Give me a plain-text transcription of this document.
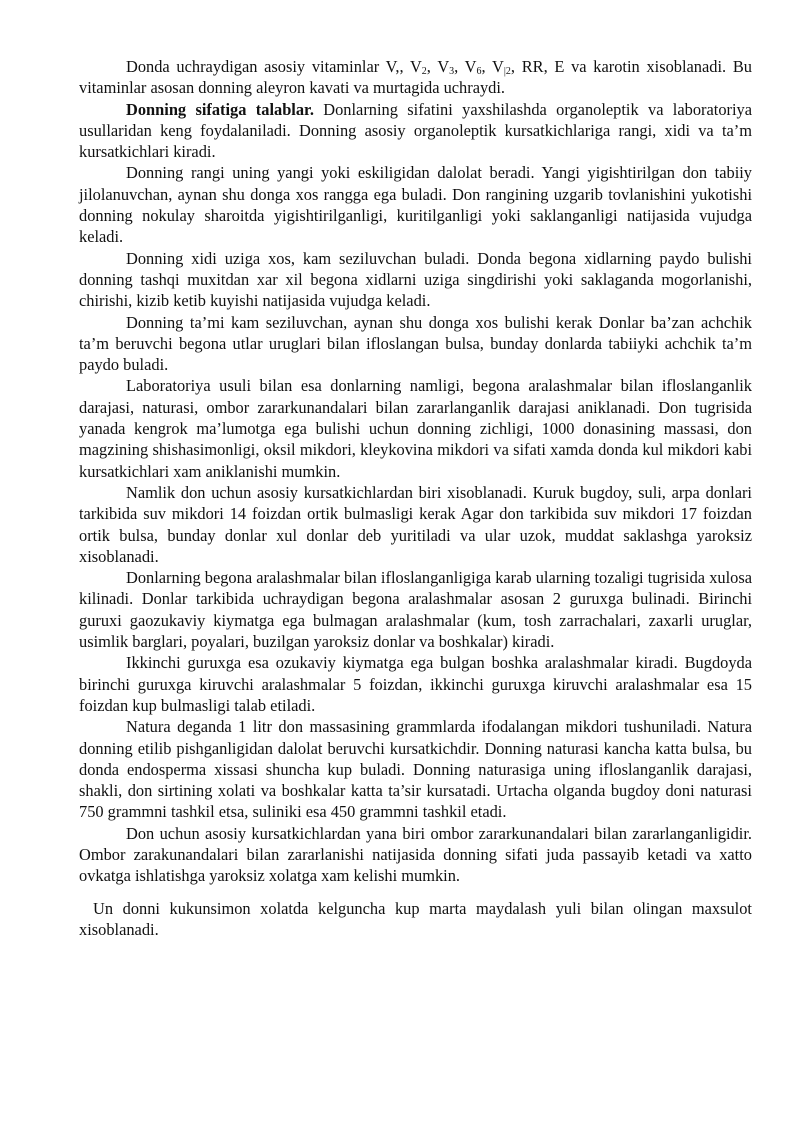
Donda uchraydigan asosiy vitaminlar V,, $V_2$, $V_3$, $V_6$, $V_{|2}$, RR, E va karotin xisoblanadi. Bu vitaminlar asosan donning aleyron kavati va murtagida uchraydi.

Donning sifatiga talablar. Donlarning sifatini yaxshilashda organoleptik va laboratoriya usullaridan keng foydalaniladi. Donning asosiy organoleptik kursatkichlariga rangi, xidi va ta’m kursatkichlari kiradi.

Donning rangi uning yangi yoki eskiligidan dalolat beradi. Yangi yigishtirilgan don tabiiy jilolanuvchan, aynan shu donga xos rangga ega buladi. Don rangining uzgarib tovlanishini yukotishi donning nokulay sharoitda yigishtirilganligi, kuritilganligi yoki saklanganligi natijasida vujudga keladi.

Donning xidi uziga xos, kam seziluvchan buladi. Donda begona xidlarning paydo bulishi donning tashqi muxitdan xar xil begona xidlarni uziga singdirishi yoki saklaganda mogorlanishi, chirishi, kizib ketib kuyishi natijasida vujudga keladi.

Donning ta’mi kam seziluvchan, aynan shu donga xos bulishi kerak Donlar ba’zan achchik ta’m beruvchi begona utlar uruglari bilan ifloslangan bulsa, bunday donlarda tabiiyki achchik ta’m paydo buladi.

Laboratoriya usuli bilan esa donlarning namligi, begona aralashmalar bilan ifloslanganlik darajasi, naturasi, ombor zararkunandalari bilan zararlanganlik darajasi aniklanadi. Don tugrisida yanada kengrok ma’lumotga ega bulishi uchun donning zichligi, 1000 donasining massasi, don magzining shishasimonligi, oksil mikdori, kleykovina mikdori va sifati xamda donda kul mikdori kabi kursatkichlari xam aniklanishi mumkin.

Namlik don uchun asosiy kursatkichlardan biri xisoblanadi. Kuruk bugdoy, suli, arpa donlari tarkibida suv mikdori 14 foizdan ortik bulmasligi kerak Agar don tarkibida suv mikdori 17 foizdan ortik bulsa, bunday donlar xul donlar deb yuritiladi va ular uzok, muddat saklashga yaroksiz xisoblanadi.

Donlarning begona aralashmalar bilan ifloslanganligiga karab ularning tozaligi tugrisida xulosa kilinadi. Donlar tarkibida uchraydigan begona aralashmalar asosan 2 guruxga bulinadi. Birinchi guruxi gaozukaviy kiymatga ega bulmagan aralashmalar (kum, tosh zarrachalari, zaxarli uruglar, usimlik barglari, poyalari, buzilgan yaroksiz donlar va boshkalar) kiradi.

Ikkinchi guruxga esa ozukaviy kiymatga ega bulgan boshka aralashmalar kiradi. Bugdoyda birinchi guruxga kiruvchi aralashmalar 5 foizdan, ikkinchi guruxga kiruvchi aralashmalar esa 15 foizdan kup bulmasligi talab etiladi.

Natura deganda 1 litr don massasining grammlarda ifodalangan mikdori tushuniladi. Natura donning etilib pishganligidan dalolat beruvchi kursatkichdir. Donning naturasi kancha katta bulsa, bu donda endosperma xissasi shuncha kup buladi. Donning naturasiga uning ifloslanganlik darajasi, shakli, don sirtining xolati va boshkalar katta ta’sir kursatadi. Urtacha olganda bugdoy doni naturasi 750 grammni tashkil etsa, suliniki esa 450 grammni tashkil etadi.

Don uchun asosiy kursatkichlardan yana biri ombor zararkunandalari bilan zararlanganligidir. Ombor zarakunandalari bilan zararlanishi natijasida donning sifati juda passayib ketadi va xatto ovkatga ishlatishga yaroksiz xolatga xam kelishi mumkin.

Un donni kukunsimon xolatda kelguncha kup marta maydalash yuli bilan olingan maxsulot xisoblanadi.
